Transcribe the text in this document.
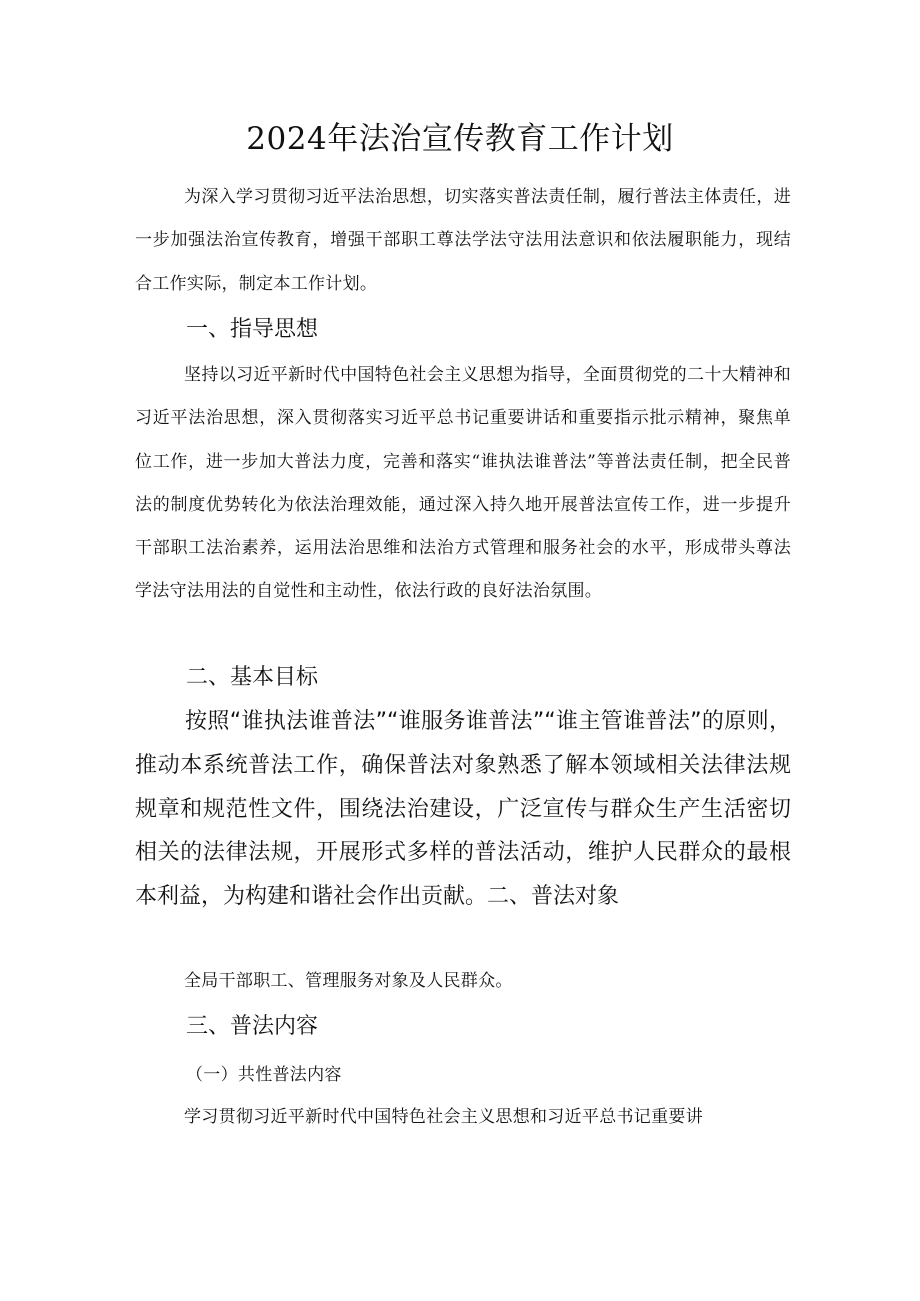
2024年法治宣传教育工作计划

为深入学习贯彻习近平法治思想，切实落实普法责任制，履行普法主体责任，进一步加强法治宣传教育，增强干部职工尊法学法守法用法意识和依法履职能力，现结合工作实际，制定本工作计划。

一、指导思想

坚持以习近平新时代中国特色社会主义思想为指导，全面贯彻党的二十大精神和习近平法治思想，深入贯彻落实习近平总书记重要讲话和重要指示批示精神，聚焦单位工作，进一步加大普法力度，完善和落实“谁执法谁普法”等普法责任制，把全民普法的制度优势转化为依法治理效能，通过深入持久地开展普法宣传工作，进一步提升干部职工法治素养，运用法治思维和法治方式管理和服务社会的水平，形成带头尊法学法守法用法的自觉性和主动性，依法行政的良好法治氛围。

二、基本目标

按照“谁执法谁普法”“谁服务谁普法”“谁主管谁普法”的原则，推动本系统普法工作，确保普法对象熟悉了解本领域相关法律法规规章和规范性文件，围绕法治建设，广泛宣传与群众生产生活密切相关的法律法规，开展形式多样的普法活动，维护人民群众的最根本利益，为构建和谐社会作出贡献。二、普法对象

全局干部职工、管理服务对象及人民群众。

三、普法内容
（一）共性普法内容

学习贯彻习近平新时代中国特色社会主义思想和习近平总书记重要讲
